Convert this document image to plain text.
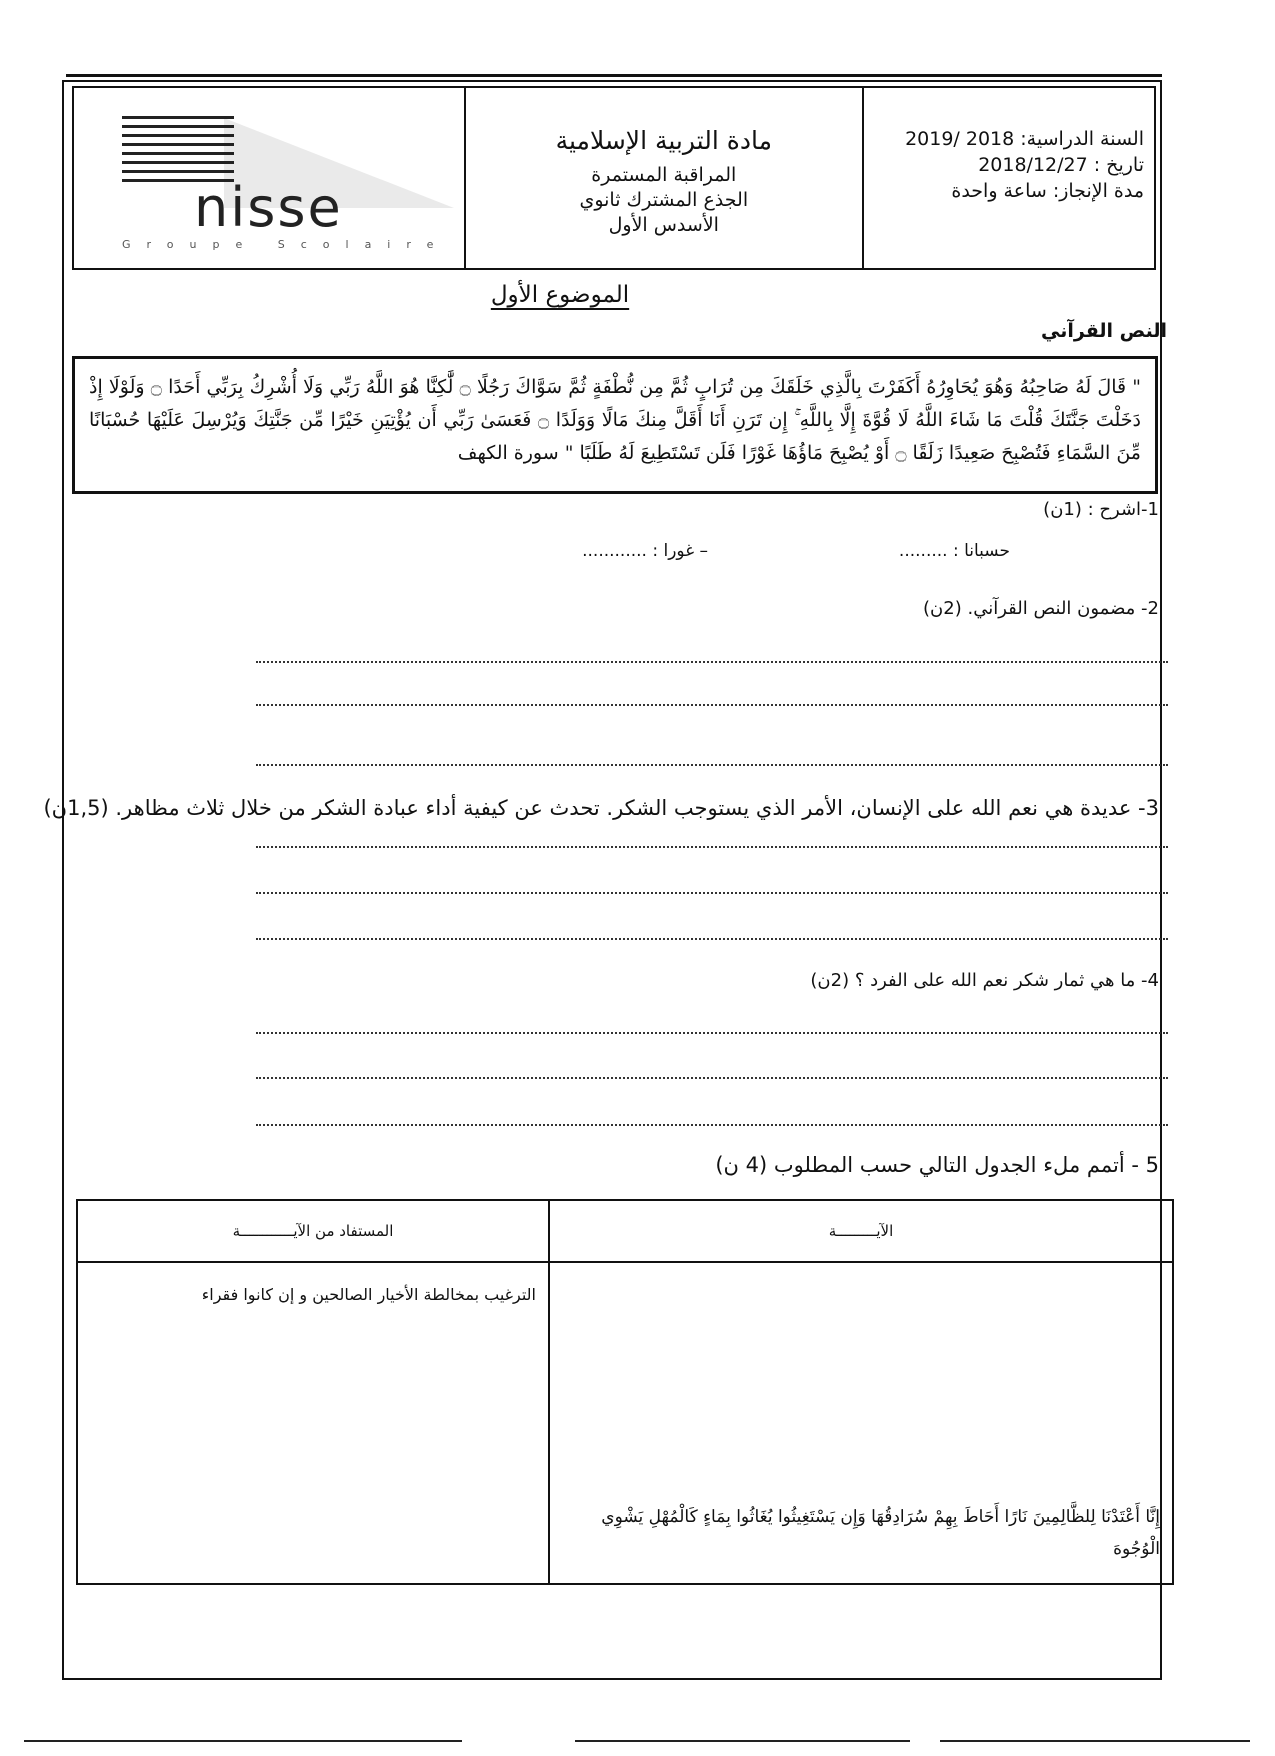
nisse
Groupe Scolaire
مادة التربية الإسلامية
المراقبة المستمرة
الجذع المشترك ثانوي
الأسدس الأول
السنة الدراسية: 2018 /2019
تاريخ : 2018/12/27
مدة الإنجاز: ساعة واحدة
الموضوع الأول
النص القرآني
" قَالَ لَهُ صَاحِبُهُ وَهُوَ يُحَاوِرُهُ أَكَفَرْتَ بِالَّذِي خَلَقَكَ مِن تُرَابٍ ثُمَّ مِن نُّطْفَةٍ ثُمَّ سَوَّاكَ رَجُلًا ۝ لَّٰكِنَّا هُوَ اللَّهُ رَبِّي وَلَا أُشْرِكُ بِرَبِّي أَحَدًا ۝ وَلَوْلَا إِذْ دَخَلْتَ جَنَّتَكَ قُلْتَ مَا شَاءَ اللَّهُ لَا قُوَّةَ إِلَّا بِاللَّهِ ۚ إِن تَرَنِ أَنَا أَقَلَّ مِنكَ مَالًا وَوَلَدًا ۝ فَعَسَىٰ رَبِّي أَن يُؤْتِيَنِ خَيْرًا مِّن جَنَّتِكَ وَيُرْسِلَ عَلَيْهَا حُسْبَانًا مِّنَ السَّمَاءِ فَتُصْبِحَ صَعِيدًا زَلَقًا ۝ أَوْ يُصْبِحَ مَاؤُهَا غَوْرًا فَلَن تَسْتَطِيعَ لَهُ طَلَبًا " سورة الكهف
1-اشرح : (1ن)
حسبانا : .........
– غورا : ............
2- مضمون النص القرآني. (2ن)
3- عديدة هي نعم الله على الإنسان، الأمر الذي يستوجب الشكر. تحدث عن كيفية أداء عبادة الشكر من خلال ثلاث مظاهر. (1,5ن)
4- ما هي ثمار شكر نعم الله على الفرد ؟ (2ن)
5 - أتمم ملء الجدول التالي حسب المطلوب (4 ن)
الآيـــــــــة	المستفاد من الآيــــــــــــة

إِنَّا أَعْتَدْنَا لِلظَّالِمِينَ نَارًا أَحَاطَ بِهِمْ سُرَادِقُهَا وَإِن يَسْتَغِيثُوا يُغَاثُوا بِمَاءٍ كَالْمُهْلِ يَشْوِي الْوُجُوهَ	الترغيب بمخالطة الأخيار الصالحين و إن كانوا فقراء
